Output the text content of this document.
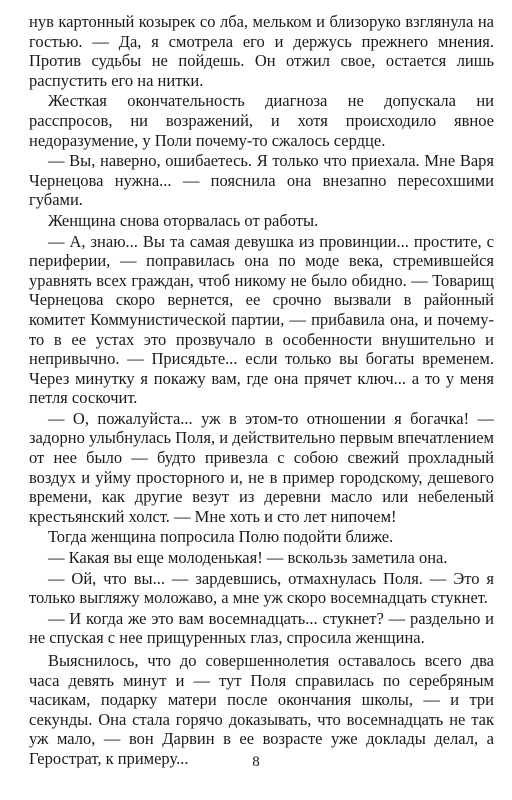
нув картонный козырек со лба, мельком и близоруко взглянула на гостью. — Да, я смотрела его и держусь прежнего мнения. Против судьбы не пойдешь. Он отжил свое, остается лишь распустить его на нитки.

Жесткая окончательность диагноза не допускала ни расспросов, ни возражений, и хотя происходило явное недоразумение, у Поли почему-то сжалось сердце.

— Вы, наверно, ошибаетесь. Я только что приехала. Мне Варя Чернецова нужна... — пояснила она внезапно пересохшими губами.

Женщина снова оторвалась от работы.

— А, знаю... Вы та самая девушка из провинции... простите, с периферии, — поправилась она по моде века, стремившейся уравнять всех граждан, чтоб никому не было обидно. — Товарищ Чернецова скоро вернется, ее срочно вызвали в районный комитет Коммунистической партии, — прибавила она, и почему-то в ее устах это прозвучало в особенности внушительно и непривычно. — Присядьте... если только вы богаты временем. Через минутку я покажу вам, где она прячет ключ... а то у меня петля соскочит.

— О, пожалуйста... уж в этом-то отношении я богачка! — задорно улыбнулась Поля, и действительно первым впечатлением от нее было — будто привезла с собою свежий прохладный воздух и уйму просторного и, не в пример городскому, дешевого времени, как другие везут из деревни масло или небеленый крестьянский холст. — Мне хоть и сто лет нипочем!

Тогда женщина попросила Полю подойти ближе.

— Какая вы еще молоденькая! — вскользь заметила она.

— Ой, что вы... — зардевшись, отмахнулась Поля. — Это я только выгляжу моложаво, а мне уж скоро восемнадцать стукнет.

— И когда же это вам восемнадцать... стукнет? — раздельно и не спуская с нее прищуренных глаз, спросила женщина.

Выяснилось, что до совершеннолетия оставалось всего два часа девять минут и — тут Поля справилась по серебряным часикам, подарку матери после окончания школы, — и три секунды. Она стала горячо доказывать, что восемнадцать не так уж мало, — вон Дарвин в ее возрасте уже доклады делал, а Герострат, к примеру...	8
